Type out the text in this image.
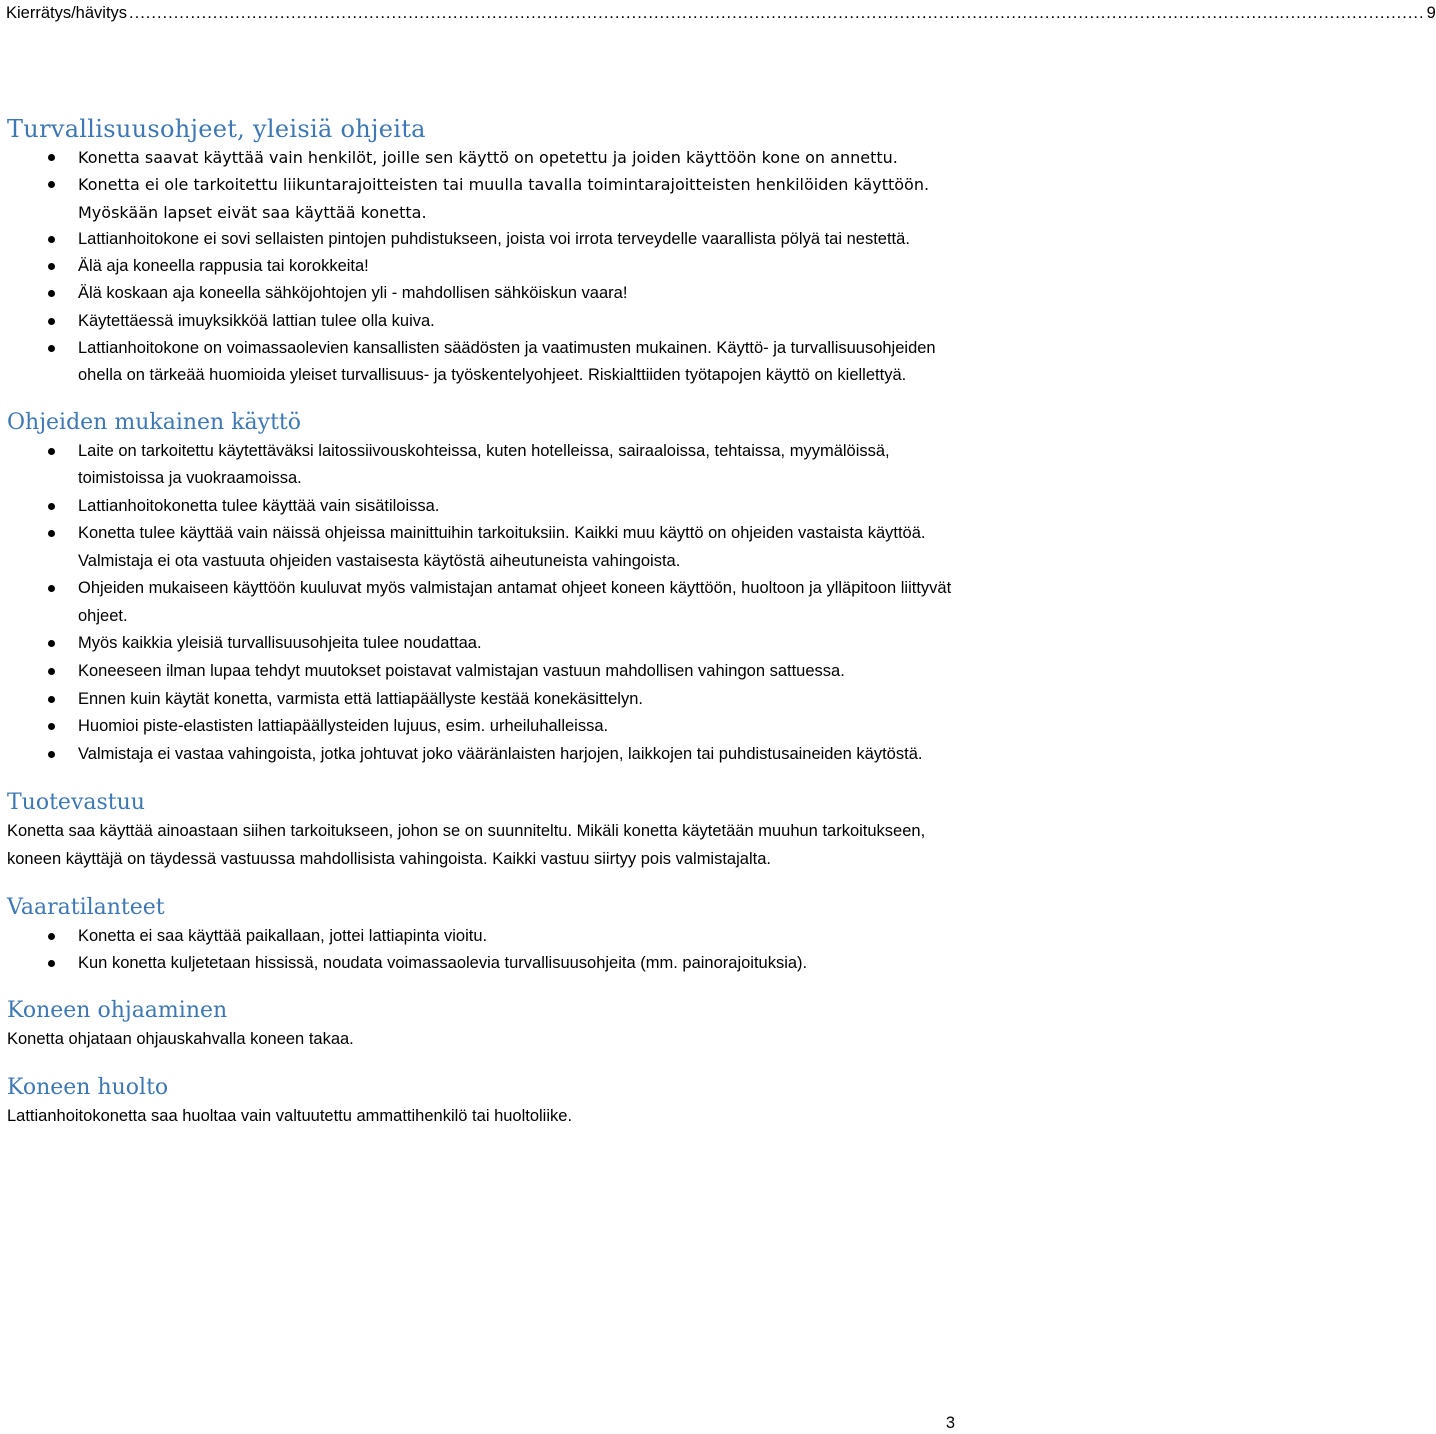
Kierrätys/hävitys ........................................................................................................................................................................................................................................ 9
Turvallisuusohjeet, yleisiä ohjeita
Konetta saavat käyttää vain henkilöt, joille sen käyttö on opetettu ja joiden käyttöön kone on annettu.
Konetta ei ole tarkoitettu liikuntarajoitteisten tai muulla tavalla toimintarajoitteisten henkilöiden käyttöön. Myöskään lapset eivät saa käyttää konetta.
Lattianhoitokone ei sovi sellaisten pintojen puhdistukseen, joista voi irrota terveydelle vaarallista pölyä tai nestettä.
Älä aja koneella rappusia tai korokkeita!
Älä koskaan aja koneella sähköjohtojen yli - mahdollisen sähköiskun vaara!
Käytettäessä imuyksikköä lattian tulee olla kuiva.
Lattianhoitokone on voimassaolevien kansallisten säädösten ja vaatimusten mukainen. Käyttö- ja turvallisuusohjeiden ohella on tärkeää huomioida yleiset turvallisuus- ja työskentelyohjeet. Riskialttiiden työtapojen käyttö on kiellettyä.
Ohjeiden mukainen käyttö
Laite on tarkoitettu käytettäväksi laitossiivouskohteissa, kuten hotelleissa, sairaaloissa, tehtaissa, myymälöissä, toimistoissa ja vuokraamoissa.
Lattianhoitokonetta tulee käyttää vain sisätiloissa.
Konetta tulee käyttää vain näissä ohjeissa mainittuihin tarkoituksiin. Kaikki muu käyttö on ohjeiden vastaista käyttöä. Valmistaja ei ota vastuuta ohjeiden vastaisesta käytöstä aiheutuneista vahingoista.
Ohjeiden mukaiseen käyttöön kuuluvat myös valmistajan antamat ohjeet koneen käyttöön, huoltoon ja ylläpitoon liittyvät ohjeet.
Myös kaikkia yleisiä turvallisuusohjeita tulee noudattaa.
Koneeseen ilman lupaa tehdyt muutokset poistavat valmistajan vastuun mahdollisen vahingon sattuessa.
Ennen kuin käytät konetta, varmista että lattiapäällyste kestää konekäsittelyn.
Huomioi piste-elastisten lattiapäällysteiden lujuus, esim. urheiluhalleissa.
Valmistaja ei vastaa vahingoista, jotka johtuvat joko vääränlaisten harjojen, laikkojen tai puhdistusaineiden käytöstä.
Tuotevastuu

Konetta saa käyttää ainoastaan siihen tarkoitukseen, johon se on suunniteltu. Mikäli konetta käytetään muuhun tarkoitukseen, koneen käyttäjä on täydessä vastuussa mahdollisista vahingoista. Kaikki vastuu siirtyy pois valmistajalta.

Vaaratilanteet
Konetta ei saa käyttää paikallaan, jottei lattiapinta vioitu.
Kun konetta kuljetetaan hississä, noudata voimassaolevia turvallisuusohjeita (mm. painorajoituksia).
Koneen ohjaaminen

Konetta ohjataan ohjauskahvalla koneen takaa.

Koneen huolto

Lattianhoitokonetta saa huoltaa vain valtuutettu ammattihenkilö tai huoltoliike.

3
